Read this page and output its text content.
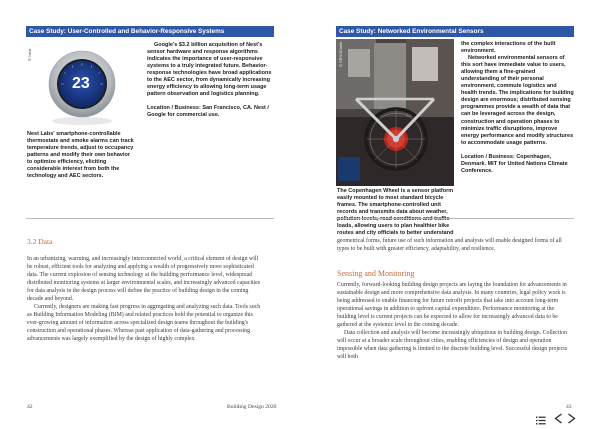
Case Study: User-Controlled and Behavior-Responsive Systems
© Nest
23

Nest Labs' smartphone-controllable thermostats and smoke alarms can track temperature trends, adjust to occupancy patterns and modify their own behavior to optimize efficiency, eliciting considerable interest from both the technology and AEC sectors.

Google's $3.2 billion acquisition of Nest's sensor hardware and response algorithms indicates the importance of user-responsive systems to a truly integrated future. Behavior-response technologies have broad applications to the AEC sector, from dynamically increasing energy efficiency to allowing long-term usage pattern observation and logistics planning.

Location / Business: San Francisco, CA. Nest / Google for commercial use.

3.2 Data

In an urbanizing, warming, and increasingly interconnected world, a critical element of design will be robust, efficient tools for analyzing and applying a wealth of progressively more sophisticated data. The current explosion of sensing technology at the building performance level, widespread distributed monitoring systems at larger environmental scales, and increasingly advanced capacities for data analysis in the design process will define the practice of building design in the coming decade and beyond.

Currently, designers are making fast progress in aggregating and analyzing such data. Tools such as Building Information Modeling (BIM) and related practices hold the potential to organize this ever-growing amount of information across specialized design teams throughout the building's construction and operational phases. Whereas past application of data-gathering and processing advancements was largely exemplified by the design of highly complex

42	Building Design 2020
Case Study: Networked Environmental Sensors
© SENSEable

The Copenhagen Wheel is a sensor platform easily mounted to most standard bicycle frames. The smartphone-controlled unit records and transmits data about weather, pollution levels, road conditions and traffic loads, allowing users to plan healthier bike routes and city officials to better understand

the complex interactions of the built environment.

Networked environmental sensors of this sort have immediate value to users, allowing them a fine-grained understanding of their personal environment, commute logistics and health trends. The implications for building design are enormous; distributed sensing programmes provide a wealth of data that can be leveraged across the design, construction and operation phases to minimize traffic disruptions, improve energy performance and modify structures to accommodate usage patterns.

Location / Business: Copenhagen, Denmark. MIT for United Nations Climate Conference.

geometrical forms, future use of such information and analysis will enable designed forms of all types to be built with greater efficiency, adaptability, and resilience.

Sensing and Monitoring

Currently, forward-looking building design projects are laying the foundation for advancements in sustainable design and more comprehensive data analysis. In many countries, legal policy work is being addressed to enable financing for future retrofit projects that take into account long-term operational savings in addition to upfront capital expenditure. Performance monitoring at the building level is current projects can be expected to allow for increasingly advanced data to be gathered at the systemic level in the coming decade.

Data collection and analysis will become increasingly ubiquitous in building design. Collection will occur at a broader scale throughout cities, enabling efficiencies of design and operation impossible when data gathering is limited to the discrete building level. Successful design projects will both

43
